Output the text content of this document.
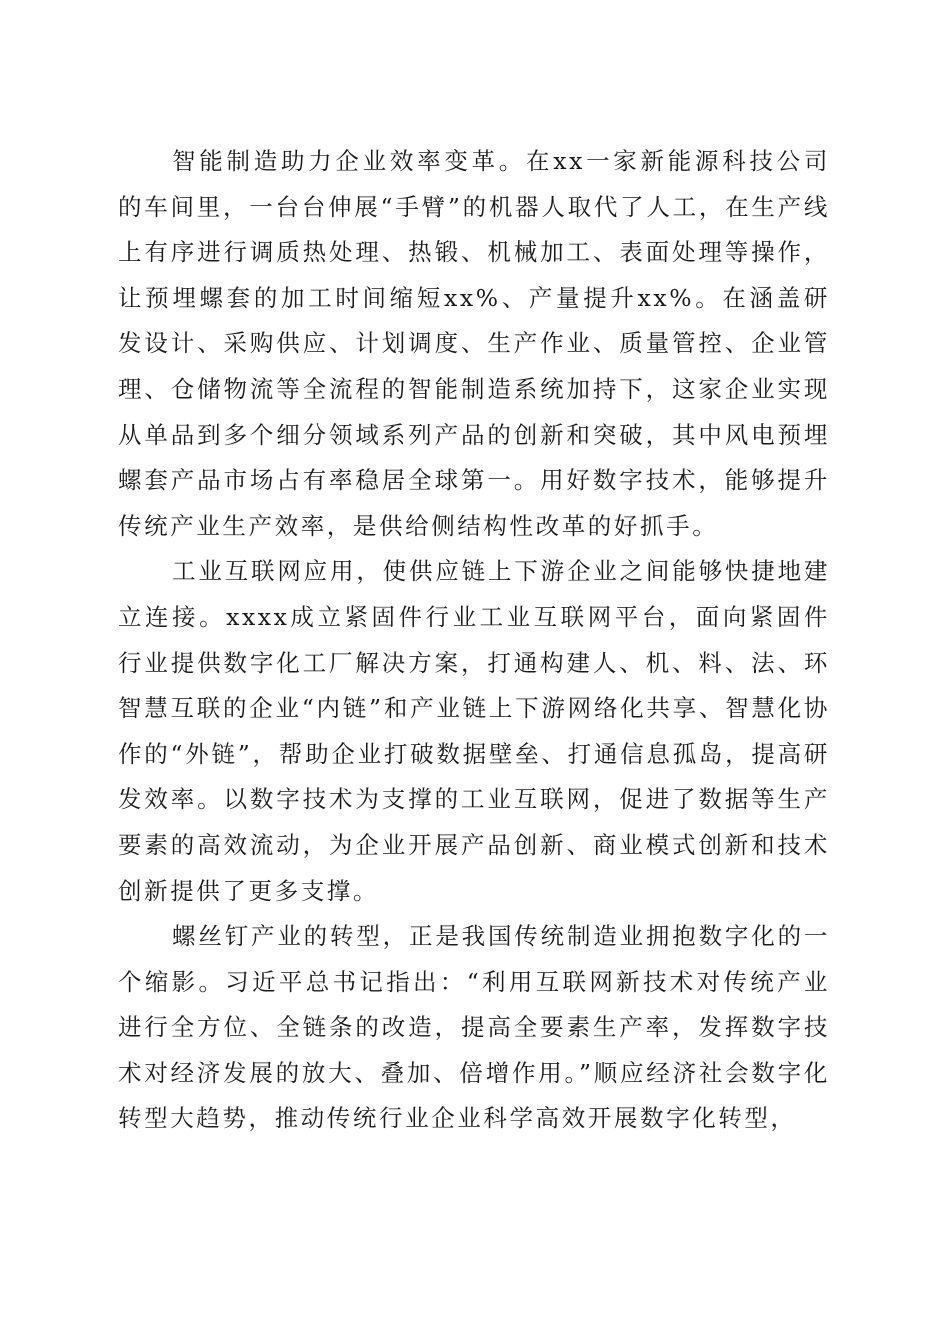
智能制造助力企业效率变革。在xx一家新能源科技公司的车间里，一台台伸展“手臂”的机器人取代了人工，在生产线上有序进行调质热处理、热锻、机械加工、表面处理等操作，让预埋螺套的加工时间缩短xx%、产量提升xx%。在涵盖研发设计、采购供应、计划调度、生产作业、质量管控、企业管理、仓储物流等全流程的智能制造系统加持下，这家企业实现从单品到多个细分领域系列产品的创新和突破，其中风电预埋螺套产品市场占有率稳居全球第一。用好数字技术，能够提升传统产业生产效率，是供给侧结构性改革的好抓手。

工业互联网应用，使供应链上下游企业之间能够快捷地建立连接。xxxx成立紧固件行业工业互联网平台，面向紧固件行业提供数字化工厂解决方案，打通构建人、机、料、法、环智慧互联的企业“内链”和产业链上下游网络化共享、智慧化协作的“外链”，帮助企业打破数据壁垒、打通信息孤岛，提高研发效率。以数字技术为支撑的工业互联网，促进了数据等生产要素的高效流动，为企业开展产品创新、商业模式创新和技术创新提供了更多支撑。

螺丝钉产业的转型，正是我国传统制造业拥抱数字化的一个缩影。习近平总书记指出：“利用互联网新技术对传统产业进行全方位、全链条的改造，提高全要素生产率，发挥数字技术对经济发展的放大、叠加、倍增作用。”顺应经济社会数字化转型大趋势，推动传统行业企业科学高效开展数字化转型，
